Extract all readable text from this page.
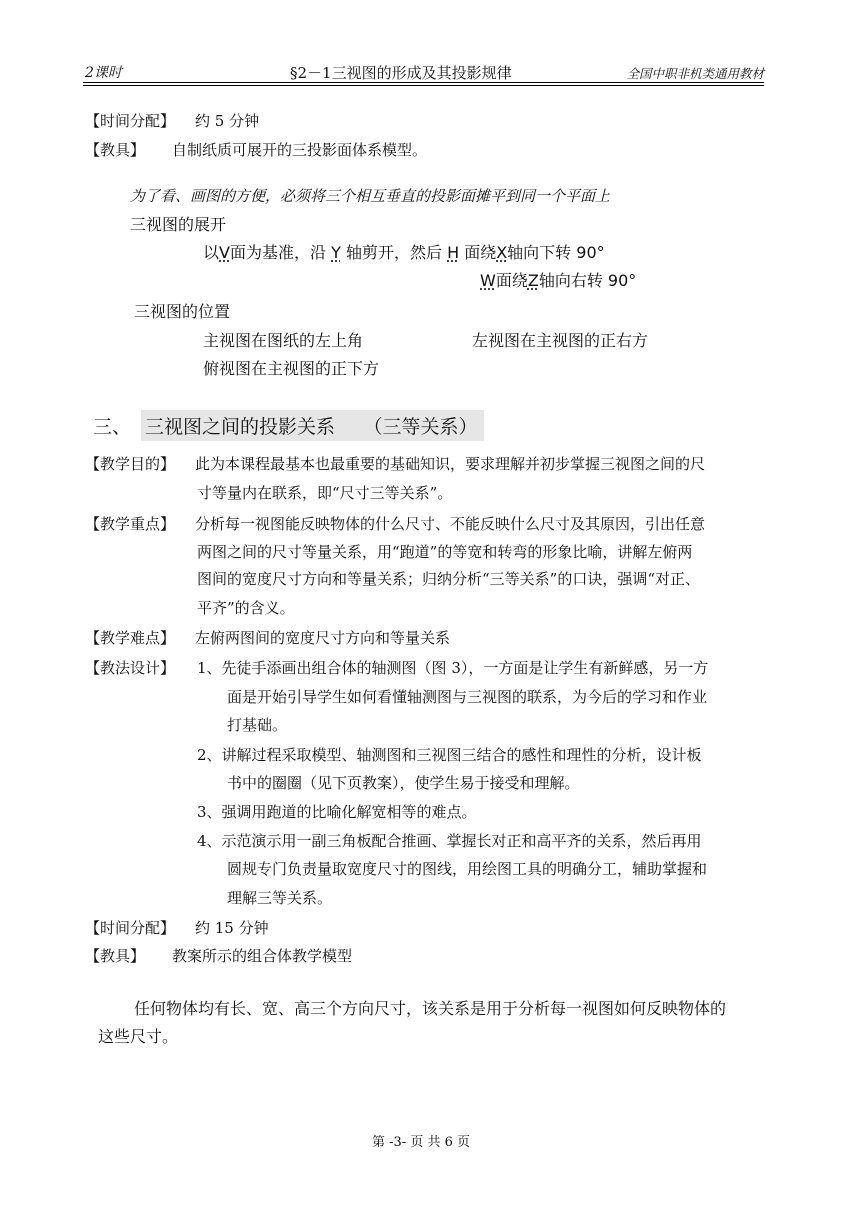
2课时	§2－1三视图的形成及其投影规律	全国中职非机类通用教材
【时间分配】 约 5 分钟
【教具】 自制纸质可展开的三投影面体系模型。
为了看、画图的方便，必须将三个相互垂直的投影面摊平到同一个平面上
三视图的展开
以V面为基准，沿 Y 轴剪开，然后 H 面绕X轴向下转 90°
W面绕Z轴向右转 90°
三视图的位置
主视图在图纸的左上角	左视图在主视图的正右方
俯视图在主视图的正下方
三、 三视图之间的投影关系　　（三等关系）
【教学目的】 此为本课程最基本也最重要的基础知识，要求理解并初步掌握三视图之间的尺
寸等量内在联系，即“尺寸三等关系”。
【教学重点】 分析每一视图能反映物体的什么尺寸、不能反映什么尺寸及其原因，引出任意
两图之间的尺寸等量关系，用“跑道”的等宽和转弯的形象比喻，讲解左俯两
图间的宽度尺寸方向和等量关系；归纳分析“三等关系”的口诀，强调“对正、
平齐”的含义。
【教学难点】 左俯两图间的宽度尺寸方向和等量关系
【教法设计】 1、先徒手添画出组合体的轴测图（图 3），一方面是让学生有新鲜感，另一方
面是开始引导学生如何看懂轴测图与三视图的联系，为今后的学习和作业
打基础。
2、讲解过程采取模型、轴测图和三视图三结合的感性和理性的分析，设计板
书中的圈圈（见下页教案），使学生易于接受和理解。
3、强调用跑道的比喻化解宽相等的难点。
4、示范演示用一副三角板配合推画、掌握长对正和高平齐的关系，然后再用
圆规专门负责量取宽度尺寸的图线，用绘图工具的明确分工，辅助掌握和
理解三等关系。
【时间分配】 约 15 分钟
【教具】 教案所示的组合体教学模型
任何物体均有长、宽、高三个方向尺寸，该关系是用于分析每一视图如何反映物体的
这些尺寸。
第 -3- 页 共 6 页
